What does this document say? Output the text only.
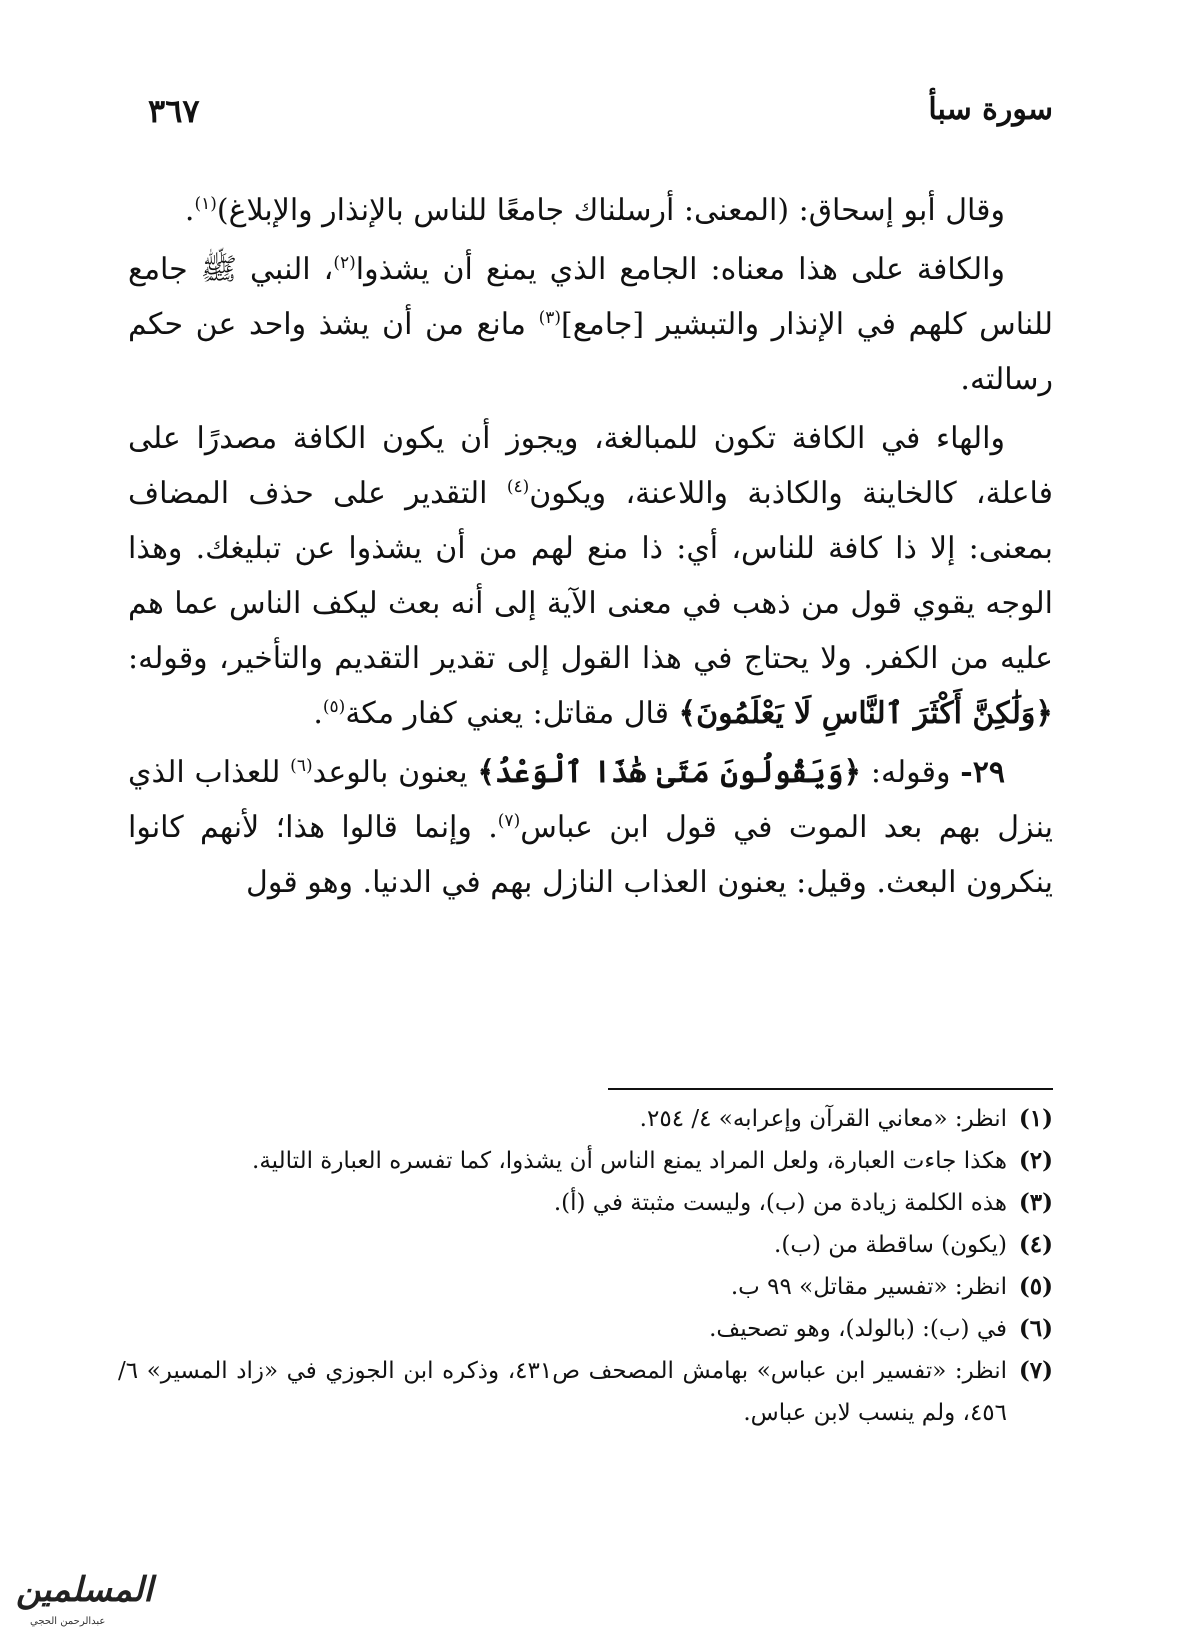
سورة سبأ
٣٦٧

وقال أبو إسحاق: (المعنى: أرسلناك جامعًا للناس بالإنذار والإبلاغ)$^{(١)}$.

والكافة على هذا معناه: الجامع الذي يمنع أن يشذوا$^{(٢)}$، النبي ﷺ جامع للناس كلهم في الإنذار والتبشير [جامع]$^{(٣)}$ مانع من أن يشذ واحد عن حكم رسالته.

والهاء في الكافة تكون للمبالغة، ويجوز أن يكون الكافة مصدرًا على فاعلة، كالخاينة والكاذبة واللاعنة، ويكون$^{(٤)}$ التقدير على حذف المضاف بمعنى: إلا ذا كافة للناس، أي: ذا منع لهم من أن يشذوا عن تبليغك. وهذا الوجه يقوي قول من ذهب في معنى الآية إلى أنه بعث ليكف الناس عما هم عليه من الكفر. ولا يحتاج في هذا القول إلى تقدير التقديم والتأخير، وقوله: ﴿وَلَٰكِنَّ أَكْثَرَ ٱلنَّاسِ لَا يَعْلَمُونَ﴾ قال مقاتل: يعني كفار مكة$^{(٥)}$.

٢٩- وقوله: ﴿وَيَقُولُونَ مَتَىٰ هَٰذَا ٱلْوَعْدُ﴾ يعنون بالوعد$^{(٦)}$ للعذاب الذي ينزل بهم بعد الموت في قول ابن عباس$^{(٧)}$. وإنما قالوا هذا؛ لأنهم كانوا ينكرون البعث. وقيل: يعنون العذاب النازل بهم في الدنيا. وهو قول

(١)
انظر: «معاني القرآن وإعرابه» ٤/ ٢٥٤.
(٢)
هكذا جاءت العبارة، ولعل المراد يمنع الناس أن يشذوا، كما تفسره العبارة التالية.
(٣)
هذه الكلمة زيادة من (ب)، وليست مثبتة في (أ).
(٤)
(يكون) ساقطة من (ب).
(٥)
انظر: «تفسير مقاتل» ٩٩ ب.
(٦)
في (ب): (بالولد)، وهو تصحيف.
(٧)
انظر: «تفسير ابن عباس» بهامش المصحف ص٤٣١، وذكره ابن الجوزي في «زاد المسير» ٦/ ٤٥٦، ولم ينسب لابن عباس.
المسلمين
عبدالرحمن الحجي
